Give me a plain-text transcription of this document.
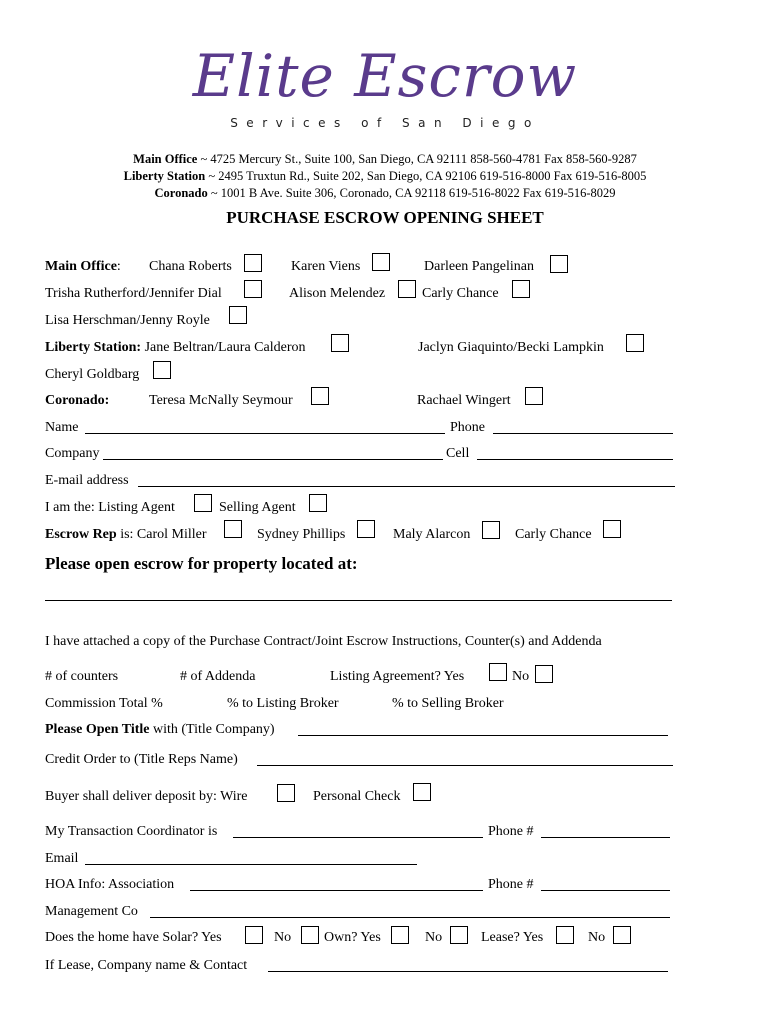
Elite Escrow
Services of San Diego
Main Office ~ 4725 Mercury St., Suite 100, San Diego, CA 92111 858-560-4781 Fax 858-560-9287
Liberty Station ~ 2495 Truxtun Rd., Suite 202, San Diego, CA 92106 619-516-8000 Fax 619-516-8005
Coronado ~ 1001 B Ave. Suite 306, Coronado, CA 92118 619-516-8022 Fax 619-516-8029
PURCHASE ESCROW OPENING SHEET
Main Office: Chana Roberts	Karen Viens	Darleen Pangelinan
Trisha Rutherford/Jennifer Dial	Alison Melendez	Carly Chance
Lisa Herschman/Jenny Royle
Liberty Station: Jane Beltran/Laura Calderon	Jaclyn Giaquinto/Becki Lampkin
Cheryl Goldbarg
Coronado:	Teresa McNally Seymour	Rachael Wingert
Name	Phone
Company	Cell
E-mail address
I am the: Listing Agent	Selling Agent
Escrow Rep is: Carol Miller	Sydney Phillips	Maly Alarcon	Carly Chance
Please open escrow for property located at:
I have attached a copy of the Purchase Contract/Joint Escrow Instructions, Counter(s) and Addenda
# of counters	# of Addenda	Listing Agreement? Yes	No
Commission Total %	% to Listing Broker	% to Selling Broker
Please Open Title with (Title Company)
Credit Order to (Title Reps Name)
Buyer shall deliver deposit by: Wire	Personal Check
My Transaction Coordinator is	Phone #
Email
HOA Info: Association	Phone #
Management Co
Does the home have Solar? Yes	No Own? Yes	No	Lease? Yes	No
If Lease, Company name & Contact
